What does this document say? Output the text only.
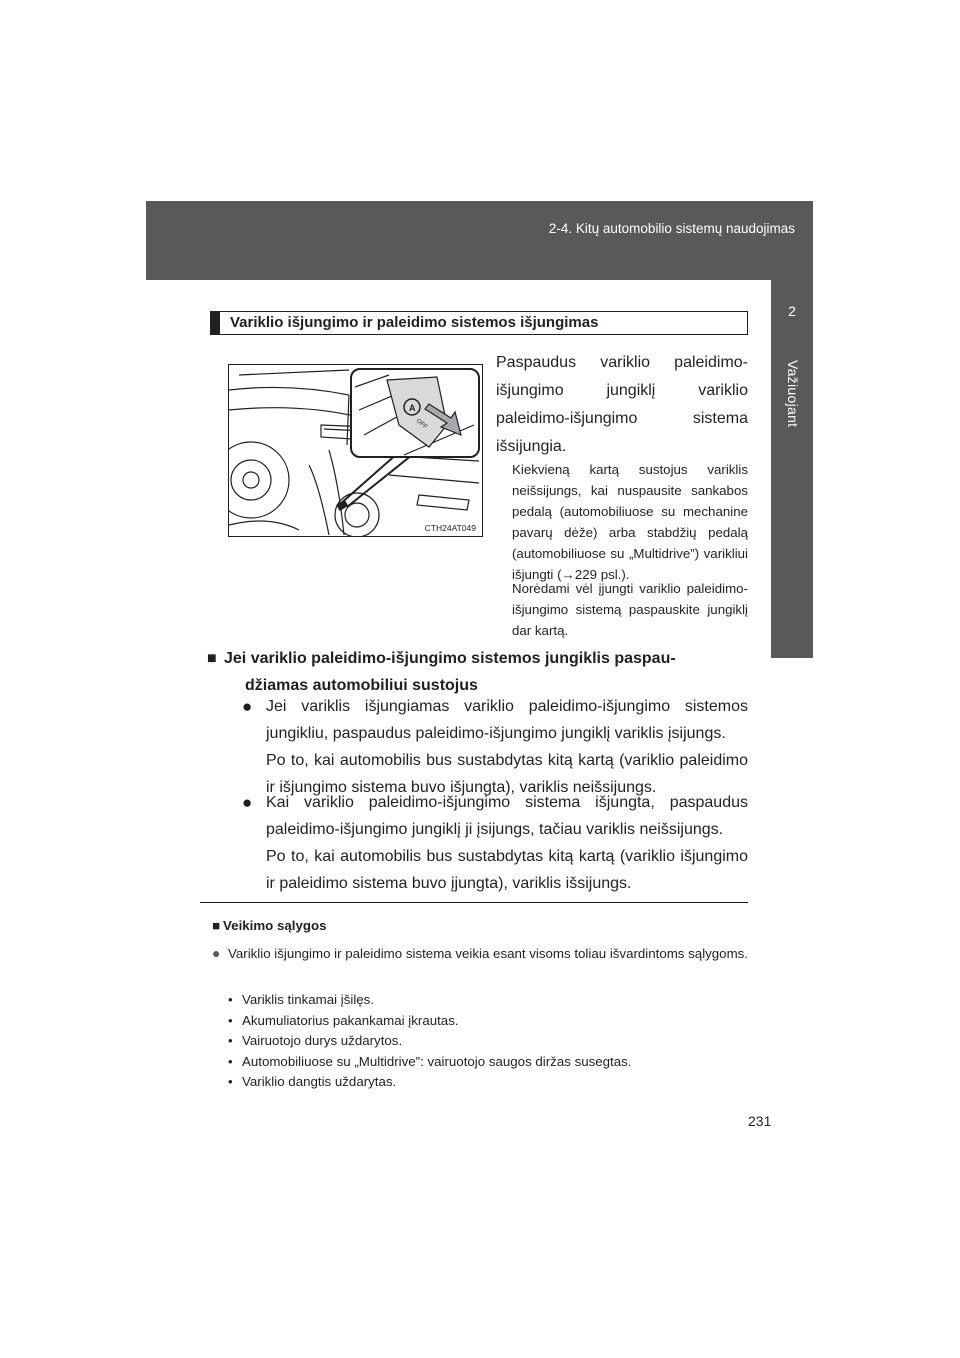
2-4. Kitų automobilio sistemų naudojimas
2
Važiuojant
Variklio išjungimo ir paleidimo sistemos išjungimas
A
OFF
CTH24AT049
Paspaudus variklio paleidimo-išjungimo jungiklį variklio paleidimo-išjungimo sistema išsijungia.
Kiekvieną kartą sustojus variklis neišsijungs, kai nuspausite sankabos pedalą (automobiliuose su mechanine pavarų dėže) arba stabdžių pedalą (automobiliuose su „Multidrive”) varikliui išjungti (→229 psl.).
Norėdami vėl įjungti variklio paleidimo-išjungimo sistemą paspauskite jungiklį dar kartą.
■ Jei variklio paleidimo-išjungimo sistemos jungiklis paspau-
džiamas automobiliui sustojus
● Jei variklis išjungiamas variklio paleidimo-išjungimo sistemos jungikliu, paspaudus paleidimo-išjungimo jungiklį variklis įsijungs.

Po to, kai automobilis bus sustabdytas kitą kartą (variklio paleidimo ir išjungimo sistema buvo išjungta), variklis neišsijungs.

● Kai variklio paleidimo-išjungimo sistema išjungta, paspaudus paleidimo-išjungimo jungiklį ji įsijungs, tačiau variklis neišsijungs.

Po to, kai automobilis bus sustabdytas kitą kartą (variklio išjungimo ir paleidimo sistema buvo įjungta), variklis išsijungs.

■ Veikimo sąlygos
● Variklio išjungimo ir paleidimo sistema veikia esant visoms toliau išvardintoms sąlygoms.
• Variklis tinkamai įšilęs.
• Akumuliatorius pakankamai įkrautas.
• Vairuotojo durys uždarytos.
• Automobiliuose su „Multidrive”: vairuotojo saugos diržas susegtas.
• Variklio dangtis uždarytas.
231
